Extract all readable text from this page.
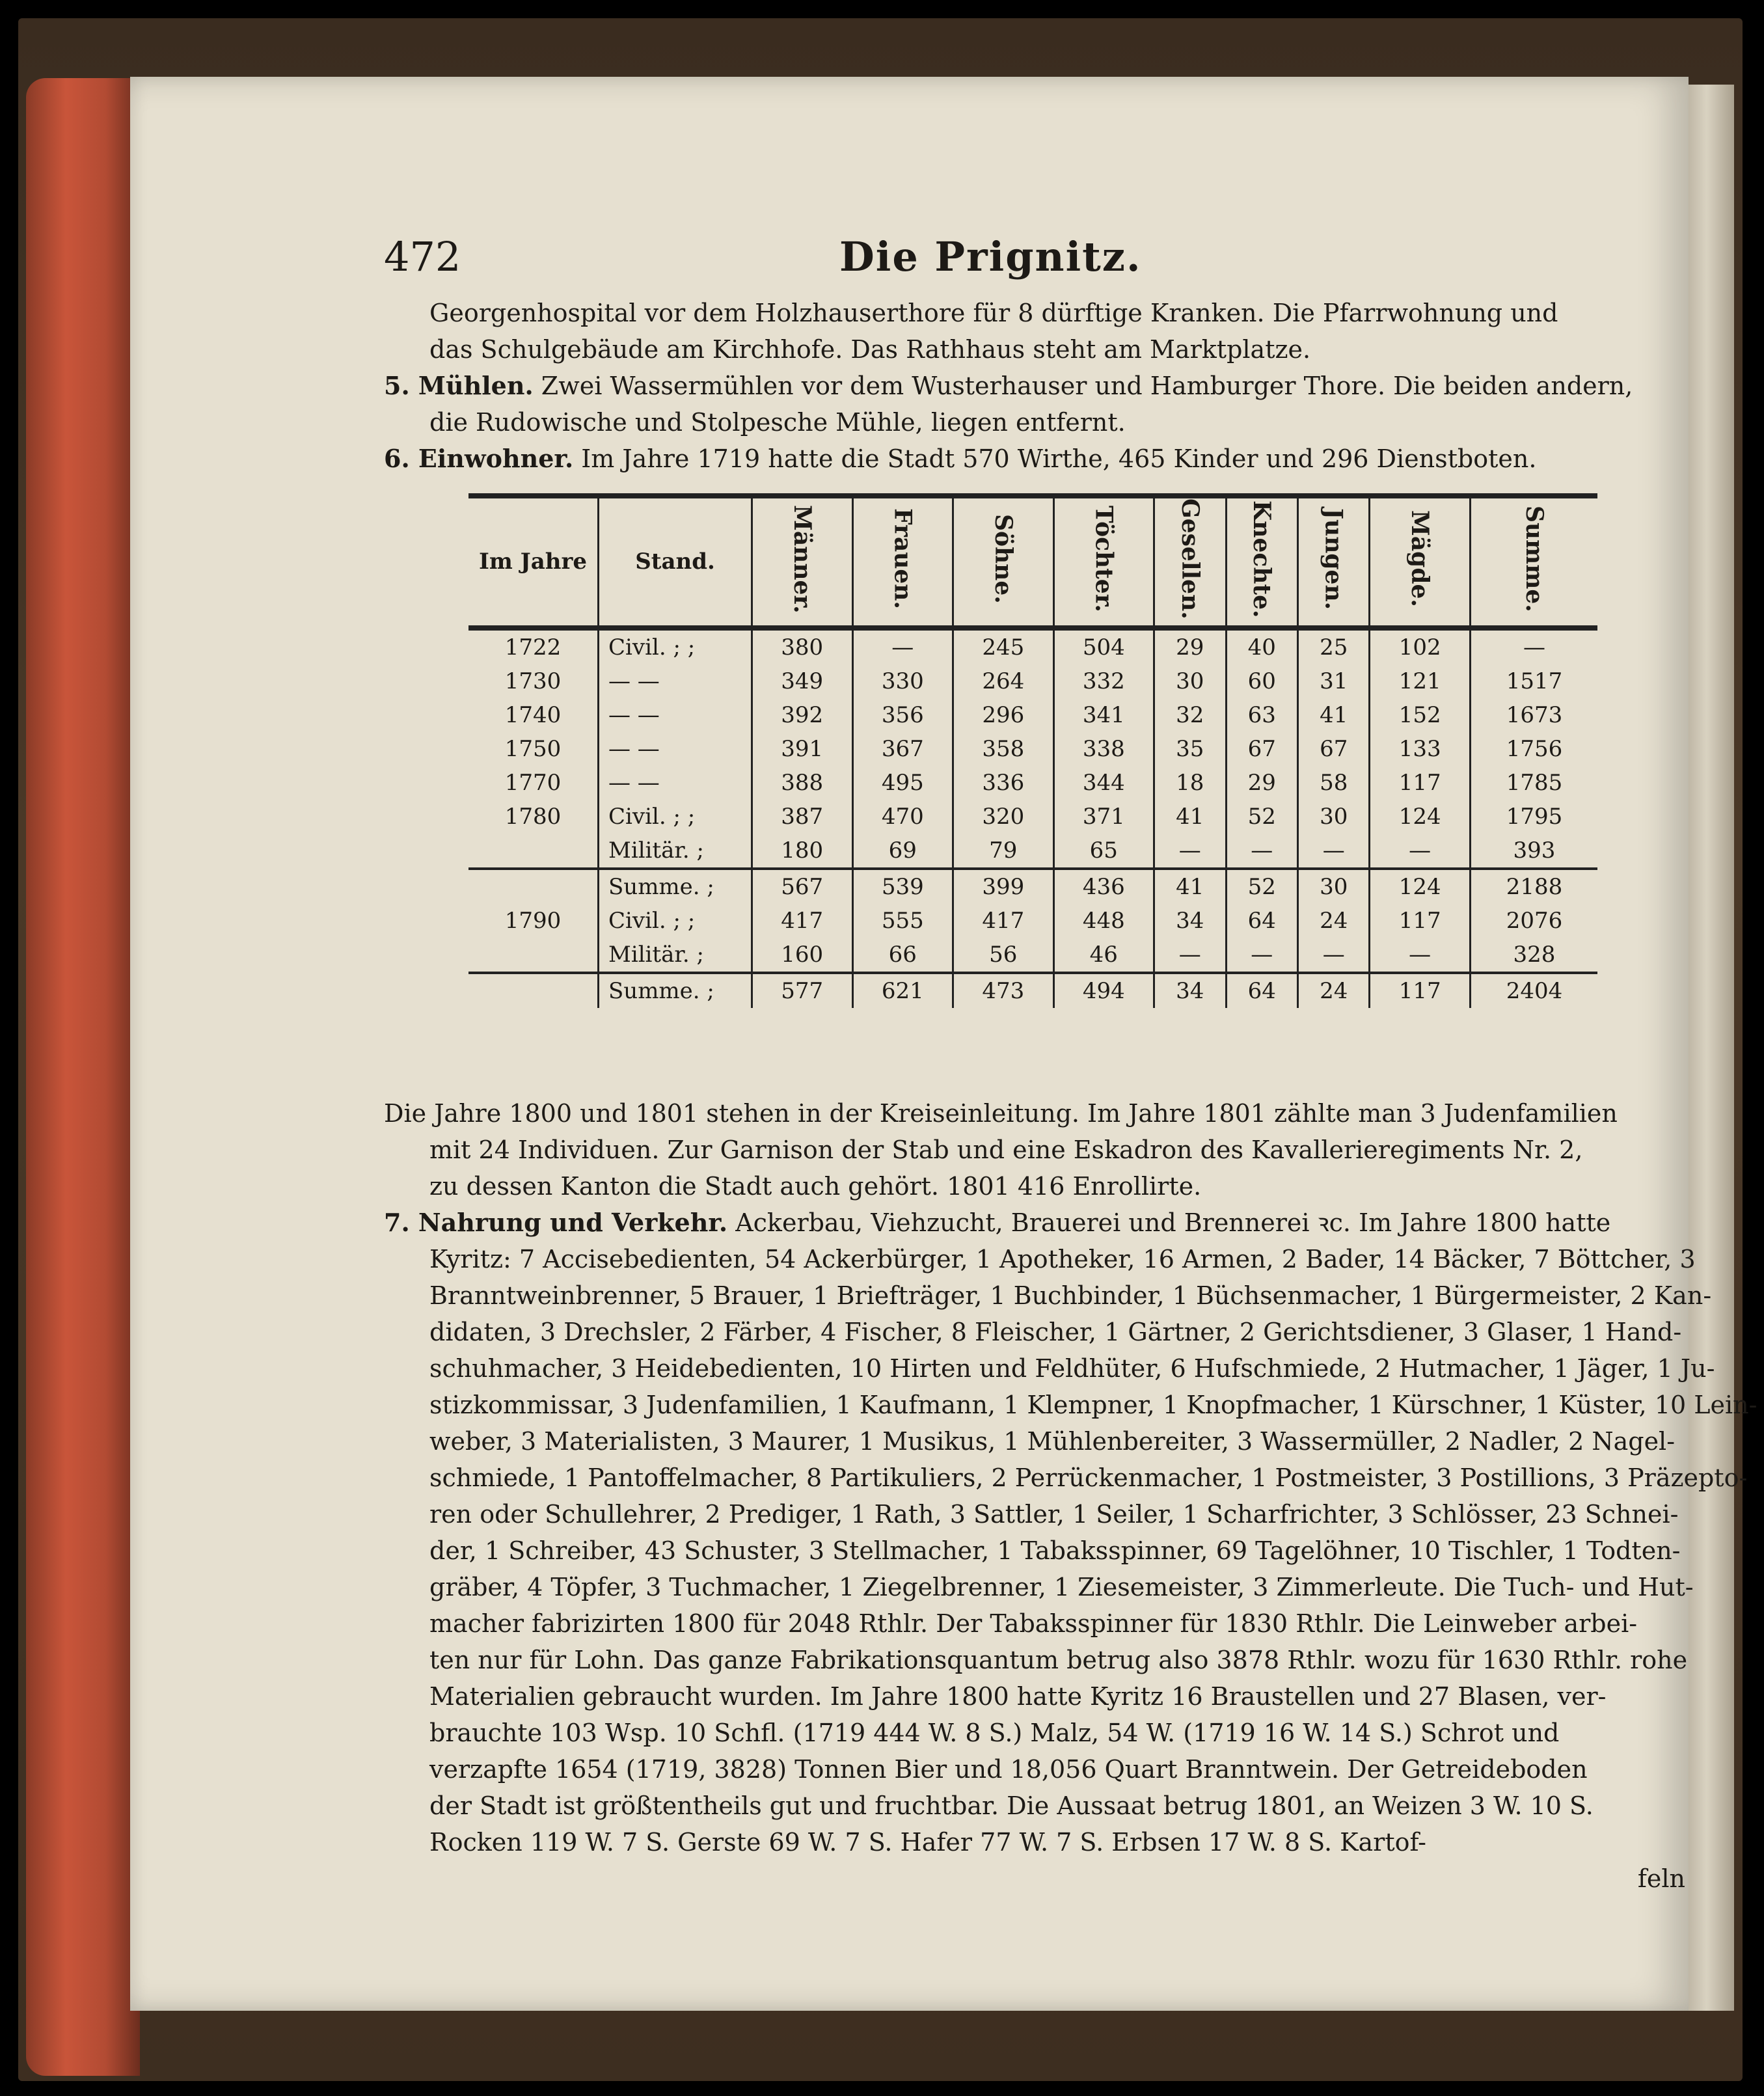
472	Die Prignitz.

Georgenhospital vor dem Holzhauserthore für 8 dürftige Kranken. Die Pfarrwohnung und

das Schulgebäude am Kirchhofe. Das Rathhaus steht am Marktplatze.

5. Mühlen. Zwei Wassermühlen vor dem Wusterhauser und Hamburger Thore. Die beiden andern,

die Rudowische und Stolpesche Mühle, liegen entfernt.

6. Einwohner. Im Jahre 1719 hatte die Stadt 570 Wirthe, 465 Kinder und 296 Dienstboten.

Im Jahre	Stand.	Männer.	Frauen.	Söhne.	Töchter.	Gesellen.	Knechte.	Jungen.	Mägde.	Summe.
1722	Civil. ; ;	380	—	245	504	29	40	25	102	—
1730	— —	349	330	264	332	30	60	31	121	1517
1740	— —	392	356	296	341	32	63	41	152	1673
1750	— —	391	367	358	338	35	67	67	133	1756
1770	— —	388	495	336	344	18	29	58	117	1785
1780	Civil. ; ;	387	470	320	371	41	52	30	124	1795
	Militär. ;	180	69	79	65	—	—	—	—	393
	Summe. ;	567	539	399	436	41	52	30	124	2188
1790	Civil. ; ;	417	555	417	448	34	64	24	117	2076
	Militär. ;	160	66	56	46	—	—	—	—	328
	Summe. ;	577	621	473	494	34	64	24	117	2404

Die Jahre 1800 und 1801 stehen in der Kreiseinleitung. Im Jahre 1801 zählte man 3 Judenfamilien

mit 24 Individuen. Zur Garnison der Stab und eine Eskadron des Kavallerieregiments Nr. 2,

zu dessen Kanton die Stadt auch gehört. 1801 416 Enrollirte.

7. Nahrung und Verkehr. Ackerbau, Viehzucht, Brauerei und Brennerei ꝛc. Im Jahre 1800 hatte

Kyritz: 7 Accisebedienten, 54 Ackerbürger, 1 Apotheker, 16 Armen, 2 Bader, 14 Bäcker, 7 Böttcher, 3

Branntweinbrenner, 5 Brauer, 1 Briefträger, 1 Buchbinder, 1 Büchsenmacher, 1 Bürgermeister, 2 Kan-

didaten, 3 Drechsler, 2 Färber, 4 Fischer, 8 Fleischer, 1 Gärtner, 2 Gerichtsdiener, 3 Glaser, 1 Hand-

schuhmacher, 3 Heidebedienten, 10 Hirten und Feldhüter, 6 Hufschmiede, 2 Hutmacher, 1 Jäger, 1 Ju-

stizkommissar, 3 Judenfamilien, 1 Kaufmann, 1 Klempner, 1 Knopfmacher, 1 Kürschner, 1 Küster, 10 Lein-

weber, 3 Materialisten, 3 Maurer, 1 Musikus, 1 Mühlenbereiter, 3 Wassermüller, 2 Nadler, 2 Nagel-

schmiede, 1 Pantoffelmacher, 8 Partikuliers, 2 Perrückenmacher, 1 Postmeister, 3 Postillions, 3 Präzepto-

ren oder Schullehrer, 2 Prediger, 1 Rath, 3 Sattler, 1 Seiler, 1 Scharfrichter, 3 Schlösser, 23 Schnei-

der, 1 Schreiber, 43 Schuster, 3 Stellmacher, 1 Tabaksspinner, 69 Tagelöhner, 10 Tischler, 1 Todten-

gräber, 4 Töpfer, 3 Tuchmacher, 1 Ziegelbrenner, 1 Ziesemeister, 3 Zimmerleute. Die Tuch- und Hut-

macher fabrizirten 1800 für 2048 Rthlr. Der Tabaksspinner für 1830 Rthlr. Die Leinweber arbei-

ten nur für Lohn. Das ganze Fabrikationsquantum betrug also 3878 Rthlr. wozu für 1630 Rthlr. rohe

Materialien gebraucht wurden. Im Jahre 1800 hatte Kyritz 16 Braustellen und 27 Blasen, ver-

brauchte 103 Wsp. 10 Schfl. (1719 444 W. 8 S.) Malz, 54 W. (1719 16 W. 14 S.) Schrot und

verzapfte 1654 (1719, 3828) Tonnen Bier und 18,056 Quart Branntwein. Der Getreideboden

der Stadt ist größtentheils gut und fruchtbar. Die Aussaat betrug 1801, an Weizen 3 W. 10 S.

Rocken 119 W. 7 S. Gerste 69 W. 7 S. Hafer 77 W. 7 S. Erbsen 17 W. 8 S. Kartof-

feln
